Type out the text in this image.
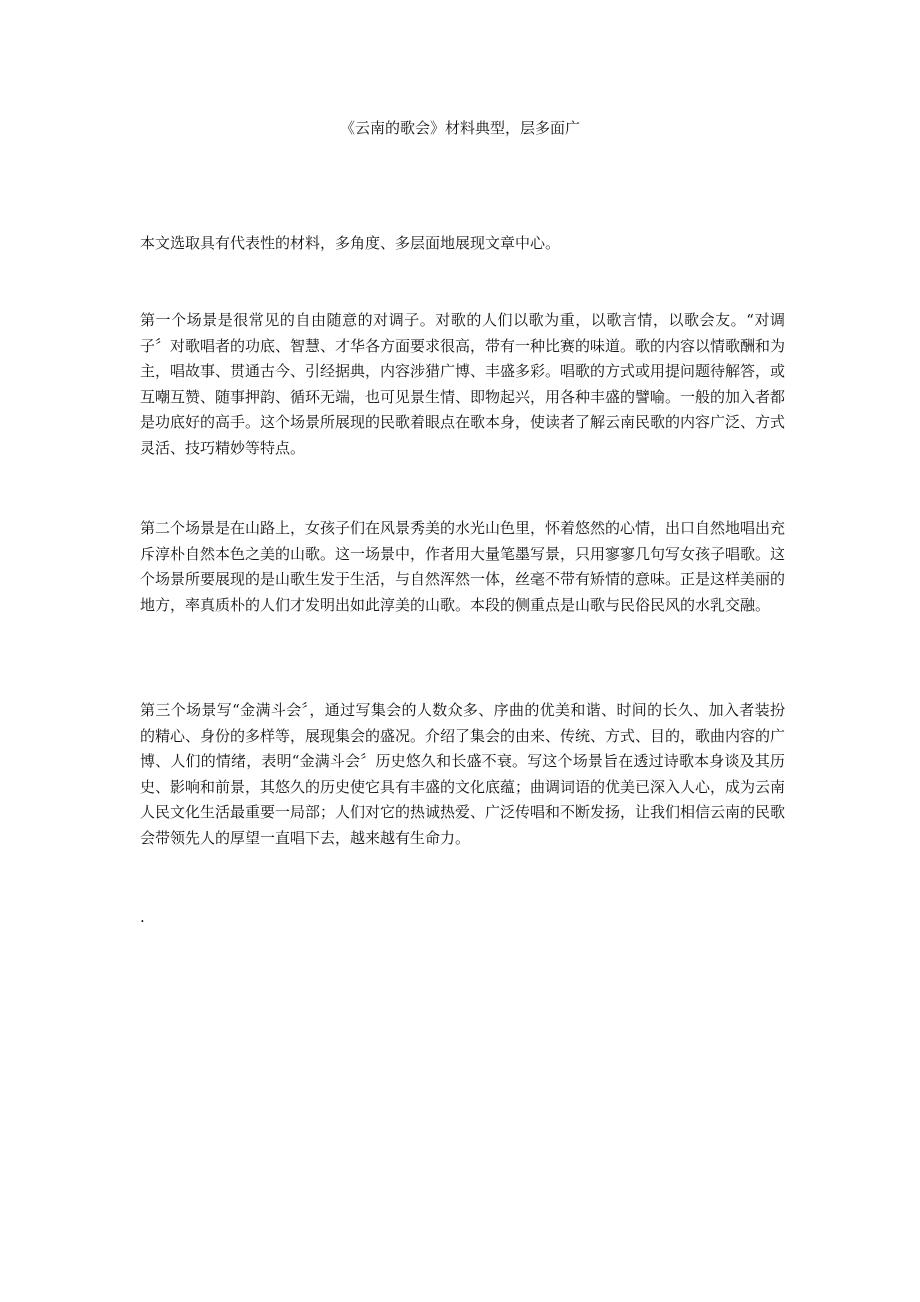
《云南的歌会》材料典型，层多面广

本文选取具有代表性的材料，多角度、多层面地展现文章中心。

第一个场景是很常见的自由随意的对调子。对歌的人们以歌为重，以歌言情，以歌会友。“对调子〞对歌唱者的功底、智慧、才华各方面要求很高，带有一种比赛的味道。歌的内容以情歌酬和为主，唱故事、贯通古今、引经据典，内容涉猎广博、丰盛多彩。唱歌的方式或用提问题待解答，或互嘲互赞、随事押韵、循环无端，也可见景生情、即物起兴，用各种丰盛的譬喻。一般的加入者都是功底好的高手。这个场景所展现的民歌着眼点在歌本身，使读者了解云南民歌的内容广泛、方式灵活、技巧精妙等特点。

第二个场景是在山路上，女孩子们在风景秀美的水光山色里，怀着悠然的心情，出口自然地唱出充斥淳朴自然本色之美的山歌。这一场景中，作者用大量笔墨写景，只用寥寥几句写女孩子唱歌。这个场景所要展现的是山歌生发于生活，与自然浑然一体，丝毫不带有矫情的意味。正是这样美丽的地方，率真质朴的人们才发明出如此淳美的山歌。本段的侧重点是山歌与民俗民风的水乳交融。

第三个场景写“金满斗会〞，通过写集会的人数众多、序曲的优美和谐、时间的长久、加入者装扮的精心、身份的多样等，展现集会的盛况。介绍了集会的由来、传统、方式、目的，歌曲内容的广博、人们的情绪，表明“金满斗会〞历史悠久和长盛不衰。写这个场景旨在透过诗歌本身谈及其历史、影响和前景，其悠久的历史使它具有丰盛的文化底蕴；曲调词语的优美已深入人心，成为云南人民文化生活最重要一局部；人们对它的热诚热爱、广泛传唱和不断发扬，让我们相信云南的民歌会带领先人的厚望一直唱下去，越来越有生命力。

.
